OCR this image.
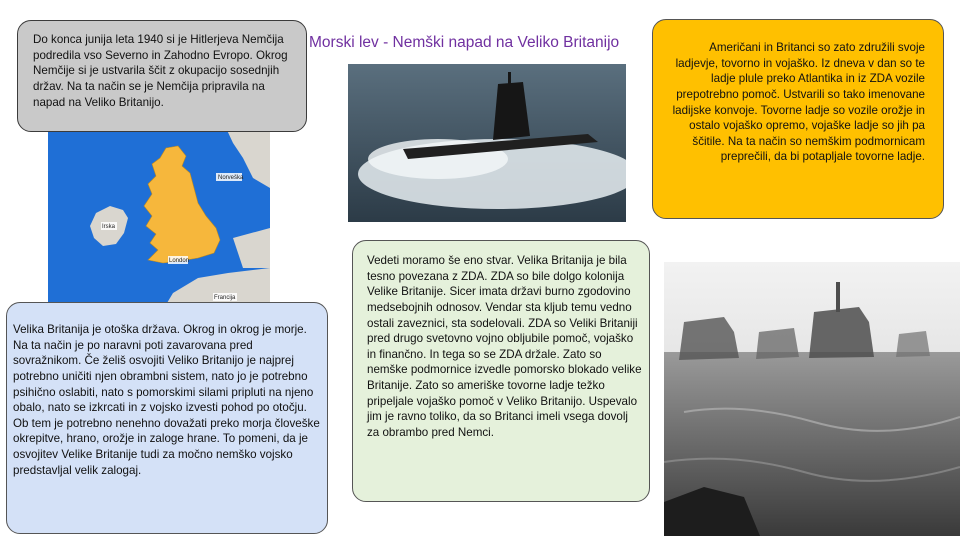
Norveška
Irska
London
Francija

Do konca junija leta 1940 si je Hitlerjeva Nemčija podredila vso Severno in Zahodno Evropo. Okrog Nemčije si je ustvarila ščit z okupacijo sosednjih držav. Na ta način se je Nemčija pripravila na napad na Veliko Britanijo.

Morski lev - Nemški napad na Veliko Britanijo	Američani in Britanci so zato združili svoje ladjevje, tovorno in vojaško. Iz dneva v dan so te ladje plule preko Atlantika in iz ZDA vozile prepotrebno pomoč. Ustvarili so tako imenovane ladijske konvoje. Tovorne ladje so vozile orožje in ostalo vojaško opremo, vojaške ladje so jih pa ščitile. Na ta način so nemškim podmornicam preprečili, da bi potapljale tovorne ladje.

Vedeti moramo še eno stvar. Velika Britanija je bila tesno povezana z ZDA. ZDA so bile dolgo kolonija Velike Britanije. Sicer imata državi burno zgodovino medsebojnih odnosov. Vendar sta kljub temu vedno ostali zaveznici, sta sodelovali. ZDA so Veliki Britaniji pred drugo svetovno vojno obljubile pomoč, vojaško in finančno. In tega so se ZDA držale. Zato so nemške podmornice izvedle pomorsko blokado velike Britanije. Zato so ameriške tovorne ladje težko pripeljale vojaško pomoč v Veliko Britanijo. Uspevalo jim je ravno toliko, da so Britanci imeli vsega dovolj za obrambo pred Nemci.

Velika Britanija je otoška država. Okrog in okrog je morje. Na ta način je po naravni poti zavarovana pred sovražnikom. Če želiš osvojiti Veliko Britanijo je najprej potrebno uničiti njen obrambni sistem, nato jo je potrebno psihično oslabiti, nato s pomorskimi silami pripluti na njeno obalo, nato se izkrcati in z vojsko izvesti pohod po otočju. Ob tem je potrebno nenehno dovažati preko morja človeške okrepitve, hrano, orožje in zaloge hrane. To pomeni, da je osvojitev Velike Britanije tudi za močno nemško vojsko predstavljal velik zalogaj.
